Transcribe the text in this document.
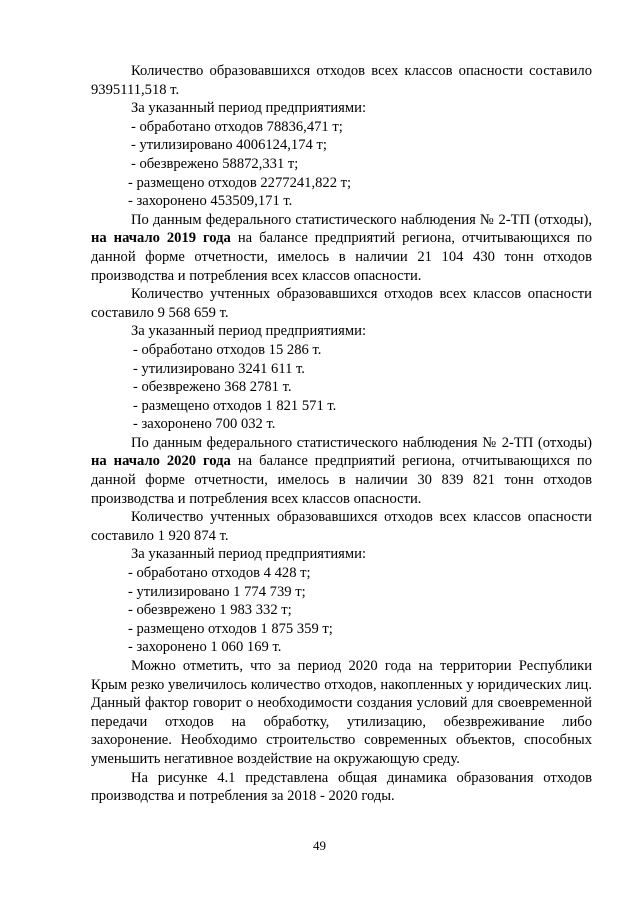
Количество образовавшихся отходов всех классов опасности составило 9395111,518 т.

За указанный период предприятиями:

- обработано отходов 78836,471 т;

- утилизировано 4006124,174 т;

- обезврежено 58872,331 т;

- размещено отходов 2277241,822 т;

- захоронено 453509,171 т.

По данным федерального статистического наблюдения № 2-ТП (отходы), на начало 2019 года на балансе предприятий региона, отчитывающихся по данной форме отчетности, имелось в наличии 21 104 430 тонн отходов производства и потребления всех классов опасности.

Количество учтенных образовавшихся отходов всех классов опасности составило 9 568 659 т.

За указанный период предприятиями:

- обработано отходов 15 286 т.

- утилизировано 3241 611 т.

- обезврежено 368 2781 т.

- размещено отходов 1 821 571 т.

- захоронено 700 032 т.

По данным федерального статистического наблюдения № 2-ТП (отходы) на начало 2020 года на балансе предприятий региона, отчитывающихся по данной форме отчетности, имелось в наличии 30 839 821 тонн отходов производства и потребления всех классов опасности.

Количество учтенных образовавшихся отходов всех классов опасности составило 1 920 874 т.

За указанный период предприятиями:

- обработано отходов 4 428 т;

- утилизировано 1 774 739 т;

- обезврежено 1 983 332 т;

- размещено отходов 1 875 359 т;

- захоронено 1 060 169 т.

Можно отметить, что за период 2020 года на территории Республики Крым резко увеличилось количество отходов, накопленных у юридических лиц. Данный фактор говорит о необходимости создания условий для своевременной передачи отходов на обработку, утилизацию, обезвреживание либо захоронение. Необходимо строительство современных объектов, способных уменьшить негативное воздействие на окружающую среду.

На рисунке 4.1 представлена общая динамика образования отходов производства и потребления за 2018 - 2020 годы.

49
